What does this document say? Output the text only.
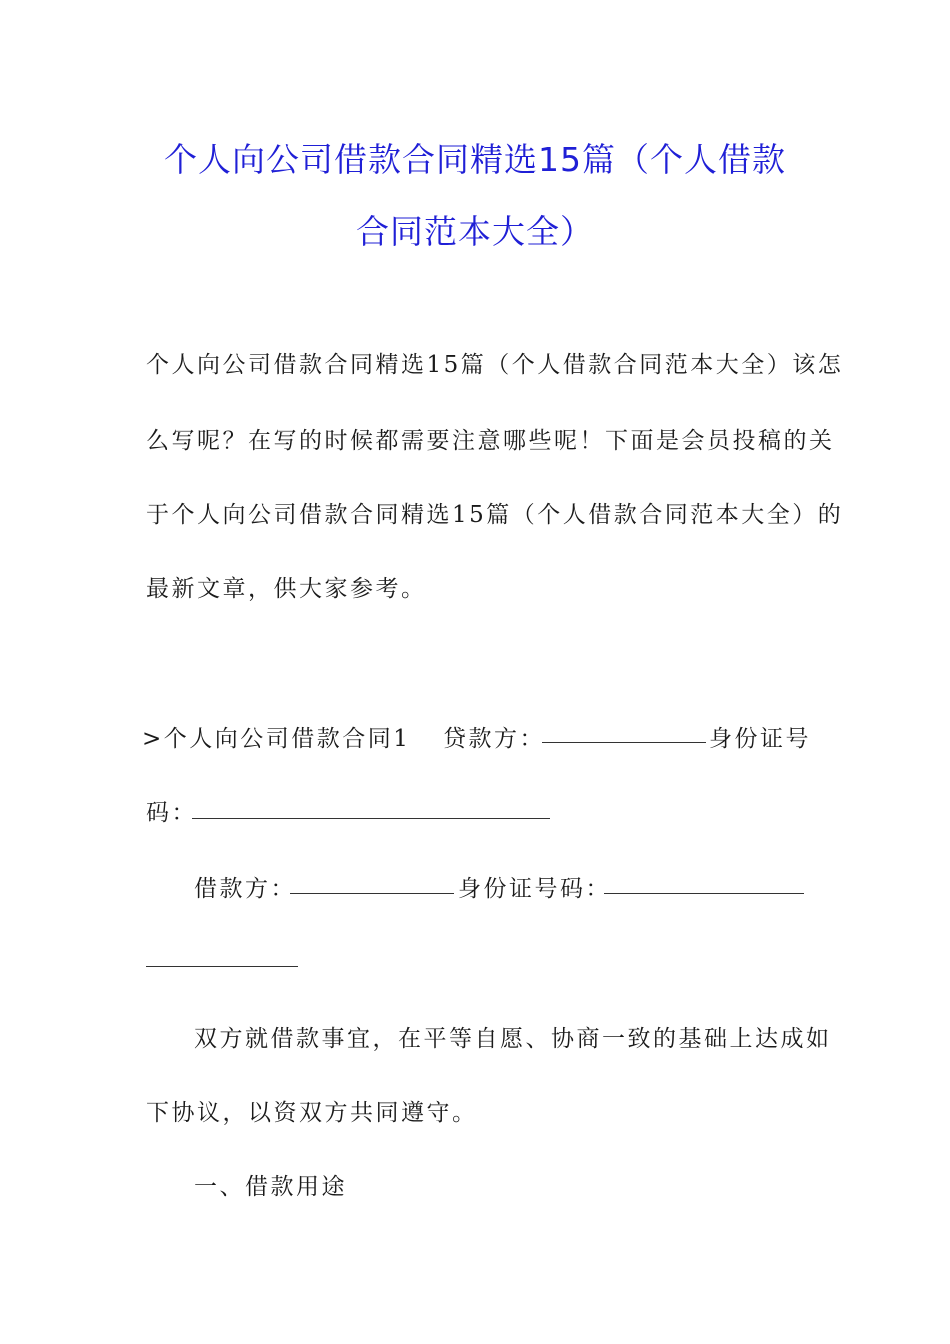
个人向公司借款合同精选15篇（个人借款
合同范本大全）
个人向公司借款合同精选15篇（个人借款合同范本大全）该怎
么写呢？在写的时候都需要注意哪些呢！下面是会员投稿的关
于个人向公司借款合同精选15篇（个人借款合同范本大全）的
最新文章，供大家参考。
>个人向公司借款合同1 贷款方：	身份证号
码：
借款方：	身份证号码：
双方就借款事宜，在平等自愿、协商一致的基础上达成如
下协议，以资双方共同遵守。
一、借款用途
